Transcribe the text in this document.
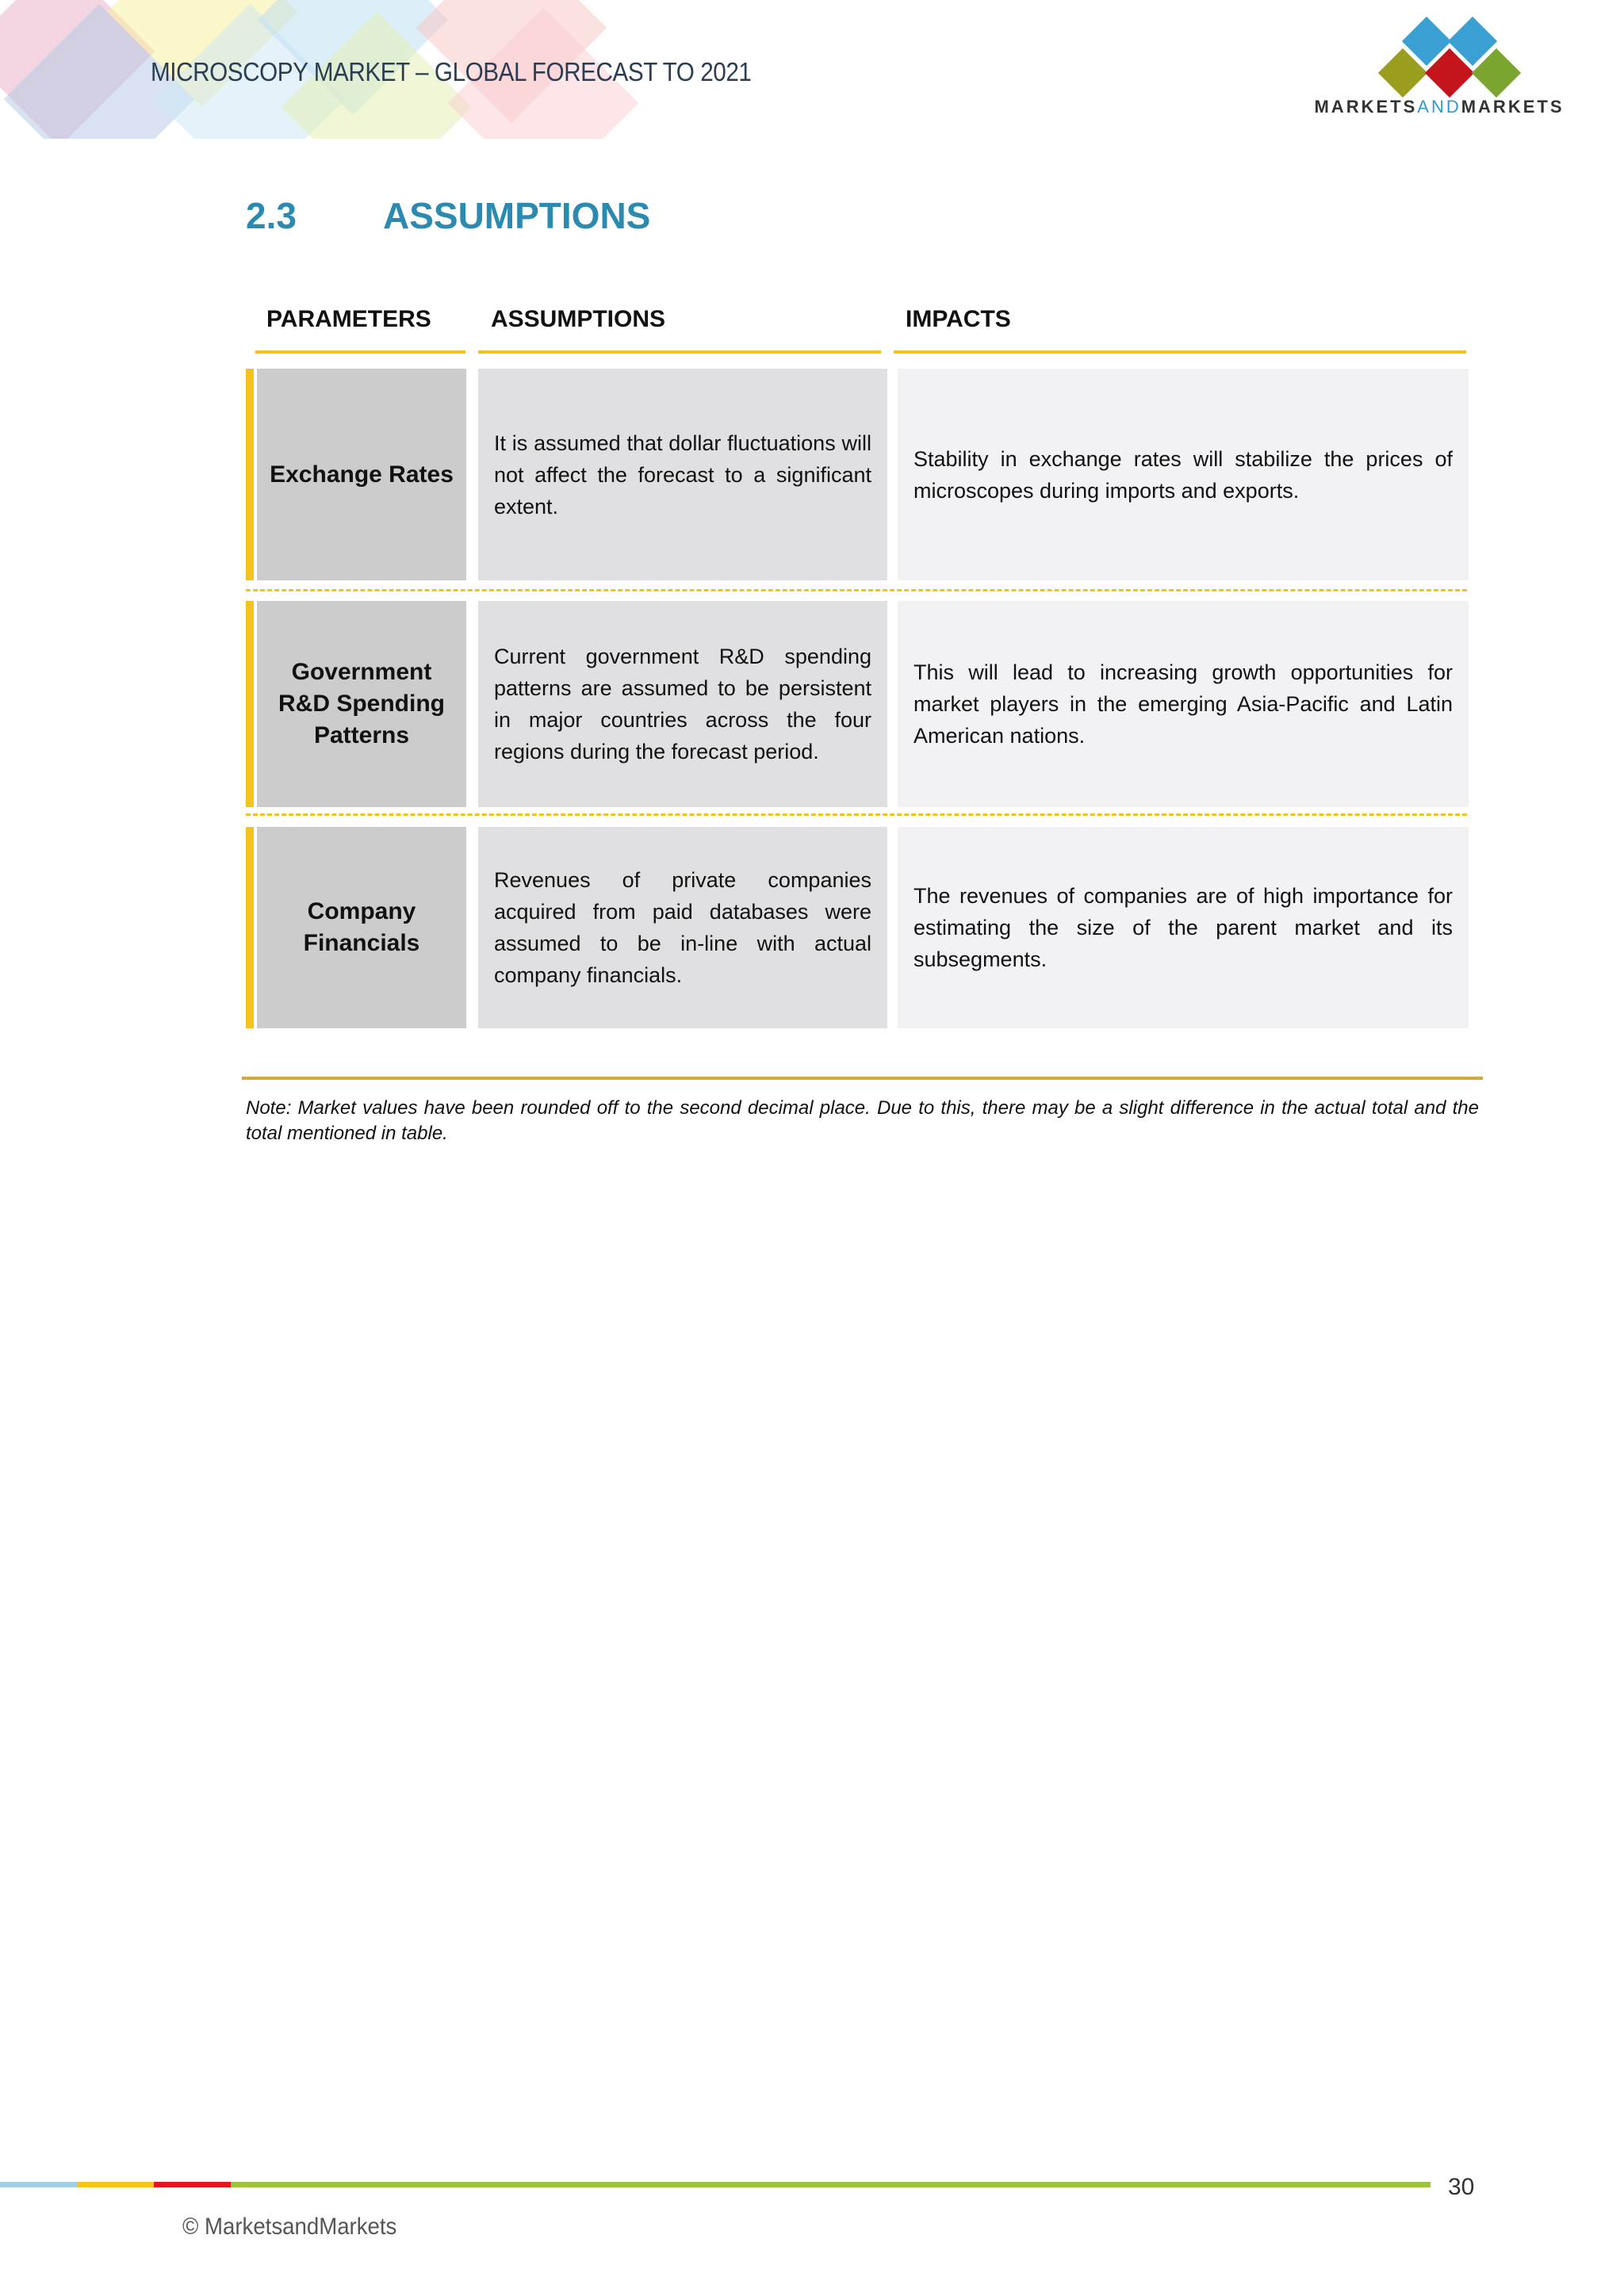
MICROSCOPY MARKET – GLOBAL FORECAST TO 2021
MARKETSANDMARKETS
2.3 ASSUMPTIONS
PARAMETERS	ASSUMPTIONS	IMPACTS
Exchange Rates
It is assumed that dollar fluctuations will not affect the forecast to a significant extent.
Stability in exchange rates will stabilize the prices of microscopes during imports and exports.
Government R&D Spending Patterns
Current government R&D spending patterns are assumed to be persistent in major countries across the four regions during the forecast period.
This will lead to increasing growth opportunities for market players in the emerging Asia-Pacific and Latin American nations.
Company Financials
Revenues of private companies acquired from paid databases were assumed to be in-line with actual company financials.
The revenues of companies are of high importance for estimating the size of the parent market and its subsegments.
Note: Market values have been rounded off to the second decimal place. Due to this, there may be a slight difference in the actual total and the total mentioned in table.
30
© MarketsandMarkets
